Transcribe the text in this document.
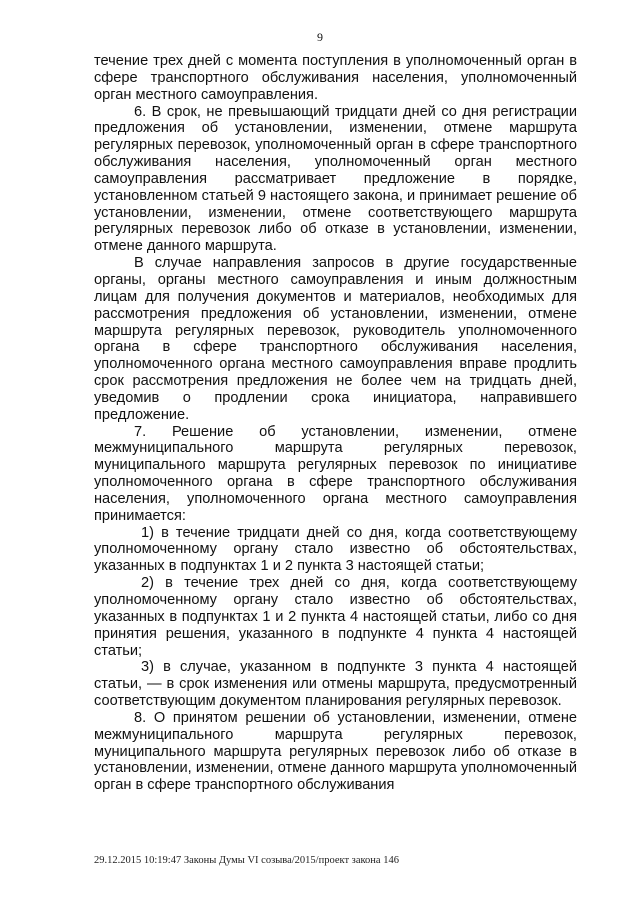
9

течение трех дней с момента поступления в уполномоченный орган в сфере транспортного обслуживания населения, уполномоченный орган местного самоуправления.

6. В срок, не превышающий тридцати дней со дня регистрации предложения об установлении, изменении, отмене маршрута регулярных перевозок, уполномоченный орган в сфере транспортного обслуживания населения, уполномоченный орган местного самоуправления рассматривает предложение в порядке, установленном статьей 9 настоящего закона, и принимает решение об установлении, изменении, отмене соответствующего маршрута регулярных перевозок либо об отказе в установлении, изменении, отмене данного маршрута.

В случае направления запросов в другие государственные органы, органы местного самоуправления и иным должностным лицам для получения документов и материалов, необходимых для рассмотрения предложения об установлении, изменении, отмене маршрута регулярных перевозок, руководитель уполномоченного органа в сфере транспортного обслуживания населения, уполномоченного органа местного самоуправления вправе продлить срок рассмотрения предложения не более чем на тридцать дней, уведомив о продлении срока инициатора, направившего предложение.

7. Решение об установлении, изменении, отмене межмуниципального маршрута регулярных перевозок, муниципального маршрута регулярных перевозок по инициативе уполномоченного органа в сфере транспортного обслуживания населения, уполномоченного органа местного самоуправления принимается:

1) в течение тридцати дней со дня, когда соответствующему уполномоченному органу стало известно об обстоятельствах, указанных в подпунктах 1 и 2 пункта 3 настоящей статьи;

2) в течение трех дней со дня, когда соответствующему уполномоченному органу стало известно об обстоятельствах, указанных в подпунктах 1 и 2 пункта 4 настоящей статьи, либо со дня принятия решения, указанного в подпункте 4 пункта 4 настоящей статьи;

3) в случае, указанном в подпункте 3 пункта 4 настоящей статьи, — в срок изменения или отмены маршрута, предусмотренный соответствующим документом планирования регулярных перевозок.

8. О принятом решении об установлении, изменении, отмене межмуниципального маршрута регулярных перевозок, муниципального маршрута регулярных перевозок либо об отказе в установлении, изменении, отмене данного маршрута уполномоченный орган в сфере транспортного обслуживания

29.12.2015 10:19:47 Законы Думы VI созыва/2015/проект закона 146
